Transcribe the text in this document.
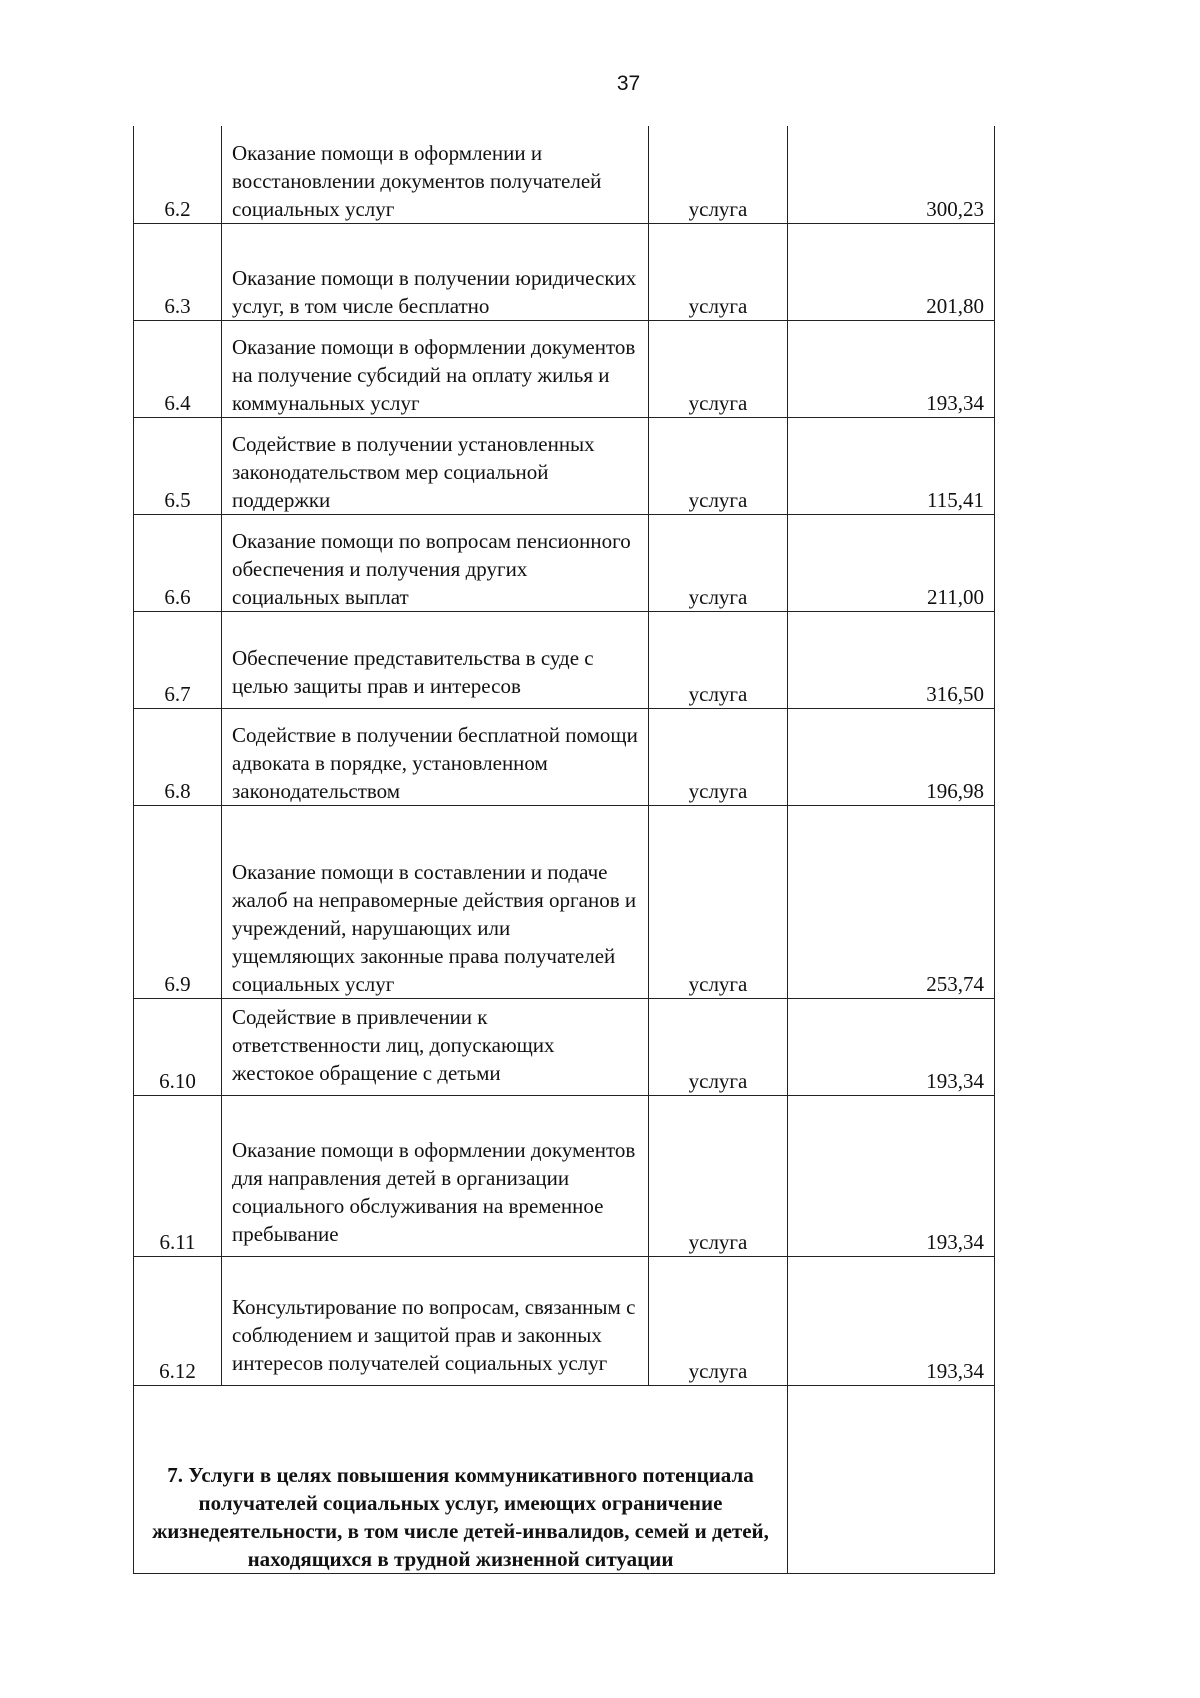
37
6.2	Оказание помощи в оформлении и восстановлении документов получателей социальных услуг	услуга	300,23
6.3	Оказание помощи в получении юридических услуг, в том числе бесплатно	услуга	201,80
6.4	Оказание помощи в оформлении документов на получение субсидий на оплату жилья и коммунальных услуг	услуга	193,34
6.5	Содействие в получении установленных законодательством мер социальной поддержки	услуга	115,41
6.6	Оказание помощи по вопросам пенсионного обеспечения и получения других социальных выплат	услуга	211,00
6.7	Обеспечение представительства в суде с целью защиты прав и интересов	услуга	316,50
6.8	Содействие в получении бесплатной помощи адвоката в порядке, установленном законодательством	услуга	196,98
6.9	Оказание помощи в составлении и подаче жалоб на неправомерные действия органов и учреждений, нарушающих или ущемляющих законные права получателей социальных услуг	услуга	253,74
6.10	Содействие в привлечении к ответственности лиц, допускающих жестокое обращение с детьми	услуга	193,34
6.11	Оказание помощи в оформлении документов для направления детей в организации социального обслуживания на временное пребывание	услуга	193,34
6.12	Консультирование по вопросам, связанным с соблюдением и защитой прав и законных интересов получателей социальных услуг	услуга	193,34
7. Услуги в целях повышения коммуникативного потенциала получателей социальных услуг, имеющих ограничение жизнедеятельности, в том числе детей-инвалидов, семей и детей, находящихся в трудной жизненной ситуации			
